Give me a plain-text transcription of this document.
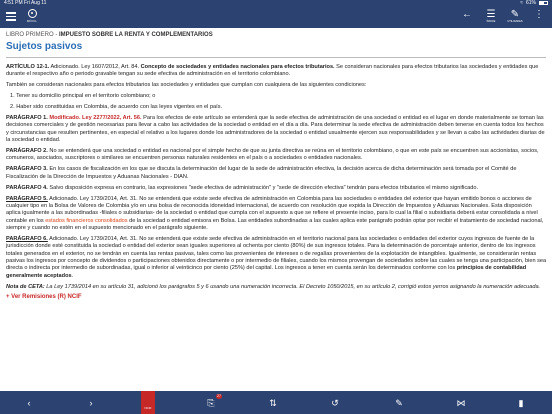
4:51 PM Fri Aug 11	≈ 61%
MÓVIL
← ☰
ÍNDICE
✎
UTILIDADES
⋮
LIBRO PRIMERO - IMPUESTO SOBRE LA RENTA Y COMPLEMENTARIOS
Sujetos pasivos

ARTÍCULO 12-1. Adicionado. Ley 1607/2012, Art. 84. Concepto de sociedades y entidades nacionales para efectos tributarios. Se consideran nacionales para efectos tributarios las sociedades y entidades que durante el respectivo año o periodo gravable tengan su sede efectiva de administración en el territorio colombiano.

También se consideran nacionales para efectos tributarios las sociedades y entidades que cumplan con cualquiera de las siguientes condiciones:

1. Tener su domicilio principal en el territorio colombiano; o

2. Haber sido constituidas en Colombia, de acuerdo con las leyes vigentes en el país.

PARÁGRAFO 1. Modificado. Ley 2277/2022, Art. 56. Para los efectos de este artículo se entenderá que la sede efectiva de administración de una sociedad o entidad es el lugar en donde materialmente se toman las decisiones comerciales y de gestión necesarias para llevar a cabo las actividades de la sociedad o entidad en el día a día. Para determinar la sede efectiva de administración deben tenerse en cuenta todos los hechos y circunstancias que resulten pertinentes, en especial el relativo a los lugares donde los administradores de la sociedad o entidad usualmente ejercen sus responsabilidades y se llevan a cabo las actividades diarias de la sociedad o entidad.

PARÁGRAFO 2. No se entenderá que una sociedad o entidad es nacional por el simple hecho de que su junta directiva se reúna en el territorio colombiano, o que en este país se encuentren sus accionistas, socios, comuneros, asociados, suscriptores o similares se encuentren personas naturales residentes en el país o a sociedades o entidades nacionales.

PARÁGRAFO 3. En los casos de fiscalización en los que se discuta la determinación del lugar de la sede de administración efectiva, la decisión acerca de dicha determinación será tomada por el Comité de Fiscalización de la Dirección de Impuestos y Aduanas Nacionales - DIAN.

PARÁGRAFO 4. Salvo disposición expresa en contrario, las expresiones "sede efectiva de administración" y "sede de dirección efectiva" tendrán para efectos tributarios el mismo significado.

PARÁGRAFO 5. Adicionado. Ley 1739/2014, Art. 31. No se entenderá que existe sede efectiva de administración en Colombia para las sociedades o entidades del exterior que hayan emitido bonos o acciones de cualquier tipo en la Bolsa de Valores de Colombia y/o en una bolsa de reconocida idoneidad internacional, de acuerdo con resolución que expida la Dirección de Impuestos y Aduanas Nacionales. Esta disposición aplica igualmente a las subordinadas -filiales o subsidiarias- de la sociedad o entidad que cumpla con el supuesto a que se refiere el presente inciso, para lo cual la filial o subsidiaria deberá estar consolidada a nivel contable en los estados financieros consolidados de la sociedad o entidad emisora en Bolsa. Las entidades subordinadas a las cuales aplica este parágrafo podrán optar por recibir el tratamiento de sociedad nacional, siempre y cuando no estén en el supuesto mencionado en el parágrafo siguiente.

PARÁGRAFO 6. Adicionado. Ley 1739/2014, Art. 31. No se entenderá que existe sede efectiva de administración en el territorio nacional para las sociedades o entidades del exterior cuyos ingresos de fuente de la jurisdicción donde esté constituida la sociedad o entidad del exterior sean iguales superiores al ochenta por ciento (80%) de sus ingresos totales. Para la determinación de porcentaje anterior, dentro de los ingresos totales generados en el exterior, no se tendrán en cuenta las rentas pasivas, tales como las provenientes de intereses o de regalías provenientes de la explotación de intangibles. Igualmente, se considerarán rentas pasivas los ingresos por concepto de dividendos o participaciones obtenidos directamente o por intermedio de filiales, cuando los mismos provengan de sociedades sobre las cuales se tenga una participación, bien sea directa o indirecta por intermedio de subordinadas, igual o inferior al veinticinco por ciento (25%) del capital. Los ingresos a tener en cuenta serán los determinados conforme con los principios de contabilidad generalmente aceptados.

Nota de CETA: La Ley 1739/2014 en su artículo 31, adicionó los parágrafos 5 y 6 usando una numeración incorrecta. El Decreto 1050/2015, en su artículo 2, corrigió estos yerros asignando la numeración adecuada.

+ Ver Remisiones (R) NCIF
‹	›	NCIF	⎘
27
⇅	↺	✎	⋈	▮
